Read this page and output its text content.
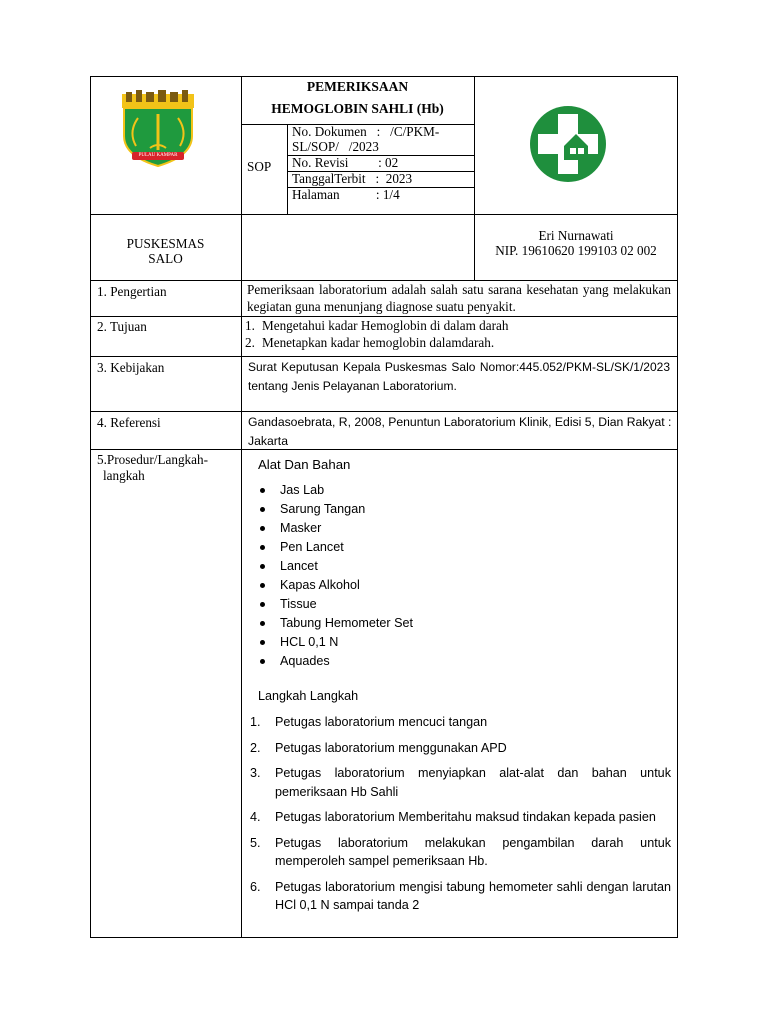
PULAU KAMPAR
PEMERIKSAAN
HEMOGLOBIN SAHLI (Hb)
SOP
No. Dokumen   :   /C/PKM-
SL/SOP/   /2023
No. Revisi         : 02
TanggalTerbit   :  2023
Halaman           : 1/4
PUSKESMAS
SALO
Eri Nurnawati
NIP. 19610620 199103 02 002
1. Pengertian	Pemeriksaan laboratorium adalah salah satu sarana kesehatan yang melakukan kegiatan guna menunjang diagnose suatu penyakit.
2. Tujuan	1. Mengetahui kadar Hemoglobin di dalam darah
2. Menetapkan kadar hemoglobin dalamdarah.
3. Kebijakan	Surat Keputusan Kepala Puskesmas Salo Nomor:445.052/PKM-SL/SK/1/2023 tentang Jenis Pelayanan Laboratorium.
4. Referensi	Gandasoebrata, R, 2008, Penuntun Laboratorium Klinik, Edisi 5, Dian Rakyat : Jakarta
5.Prosedur/Langkah-
langkah
Alat Dan Bahan
Jas Lab
Sarung Tangan
Masker
Pen Lancet
Lancet
Kapas Alkohol
Tissue
Tabung Hemometer Set
HCL 0,1 N
Aquades
Langkah Langkah
1. Petugas laboratorium mencuci tangan
2. Petugas laboratorium menggunakan APD
3. Petugas laboratorium menyiapkan alat-alat dan bahan untuk pemeriksaan Hb Sahli
4. Petugas laboratorium Memberitahu maksud tindakan kepada pasien
5. Petugas laboratorium melakukan pengambilan darah untuk memperoleh sampel pemeriksaan Hb.
6. Petugas laboratorium mengisi tabung hemometer sahli dengan larutan HCl 0,1 N sampai tanda 2
